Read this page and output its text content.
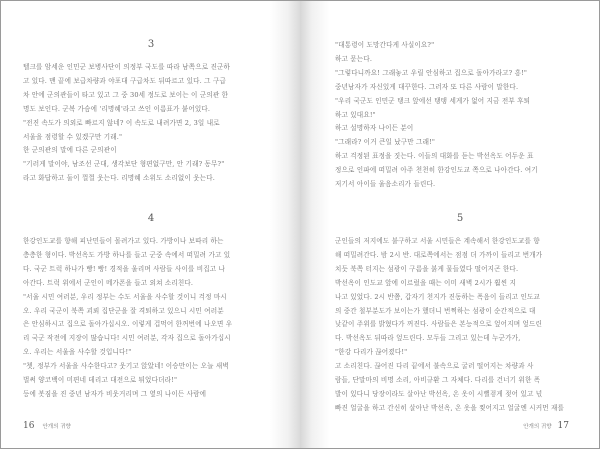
3

텔크를 암세운 인민군 보병사단이 의정부 국도를 따라 남쪽으로 진군하

고 있다. 맨 끝에 보급차량과 야포대 구급차도 뒤따르고 있다. 그 구급

차 안에 군의관들이 타고 있고 그 중 30세 정도로 보이는 이 군의관 한

명도 보인다. 군복 가슴에 '리명혜'라고 쓰인 이름표가 붙어있다.

"전진 속도가 의외로 빠르지 않네? 이 속도로 내려가면 2, 3일 내로

서울을 점령할 수 있겠구만 기래."

한 군의관의 말에 다른 군의관이

"기러게 말이야, 남조선 군대, 생각보단 형편없구만, 안 기래? 동무?"

라고 화답하고 둘이 껄껄 웃는다. 리명혜 소위도 소리없이 웃는다.

4

한강인도교를 향해 피난민들이 몰려가고 있다. 가방이나 보따리 하는

층층한 형이다. 박선옥도 가방 하나를 들고 군중 속에서 떠밀려 가고 있

다. 국군 트럭 하나가 빵! 빵! 경적을 울리며 사람들 사이를 비집고 나

아간다. 트럭 위에서 군인이 메가폰을 들고 외쳐 소리친다.

"서울 시민 여러분, 우리 정부는 수도 서울을 사수할 것이니 걱정 마시

오. 우리 국군이 북쪽 괴뢰 집단군을 잘 격퇴하고 있으니 시민 여러분

은 안심하시고 집으로 돌아가십시오. 이렇게 겁먹어 한꺼번에 나오면 우

리 국군 작전에 지장이 많습니다! 시민 여러분, 각자 집으로 돌아가십시

오. 우리는 서울을 사수할 것입니다!"

"쳇, 정부가 서울을 사수한다고? 웃기고 앉았네! 이승만이는 오늘 새벽

벌써 양코백이 미편네 데리고 대전으로 튀었다더라!"

등에 봇짐을 진 중년 남자가 비웃거리며 그 옆의 나이든 사람에

16 안개의 귀향

"대통령이 도망간다게 사실이요?"

하고 묻는다.

"그렇다니까요! 그래놓고 우릴 안심하고 집으로 돌아가라고? 흥!"

중년남자가 자신있게 대꾸한다. 그러자 또 다른 사람이 말한다.

"우리 국군도 인민군 탱크 앞에선 탱탱 세게가 없어 지금 전부 후퇴

하고 있대요!"

하고 설명하자 나이든 분이

"그래라? 이거 큰일 났구만 그래!"

하고 걱정된 표정을 짓는다. 이들의 대화를 듣는 박선옥도 어두운 표

정으로 인파에 떠밀려 아주 천천히 한강인도교 쪽으로 나아간다. 여기

저기서 아이들 울음소리가 들린다.

5

군인들의 저지에도 불구하고 서울 시민들은 계속해서 한강인도교를 향

해 떠밀려간다. 밤 2시 반. 대로쪽에서는 점점 더 가까이 들리고 번개가

치듯 북쪽 터지는 섬광이 구름을 붉게 물들였다 떨어지곤 한다.

박선옥이 인도교 앞에 이르렀을 때는 이미 새벽 2시가 훨씬 지

나고 있었다. 2시 반쯤, 갑자기 천지가 진동하는 폭음이 들리고 인도교

의 중간 철부분도가 보이는가 했더니 번쩍하는 섬광이 순간적으로 대

낮같이 주위를 밝혔다가 꺼진다. 사람들은 본능적으로 엎어지며 엎드린

다. 박선옥도 뒤따라 엎드린다. 모두들 그리고 있는데 누군가가,

"한강 다리가 끊어졌다!"

고 소리친다. 끊어진 다리 끝에서 불속으로 굴러 떨어지는 차량과 사

람들, 단말마의 비명 소리, 아비규환 그 자체다. 다리를 건너기 위한 폭

발이 있다니 당장이라도 살아난 박선옥, 온 옷이 시뻘겋게 젖어 있고 넋

빠진 얼굴을 하고 간신히 살아난 박선옥, 온 옷을 찢어지고 얼굴엔 시커먼 재를

안개의 귀향 17
